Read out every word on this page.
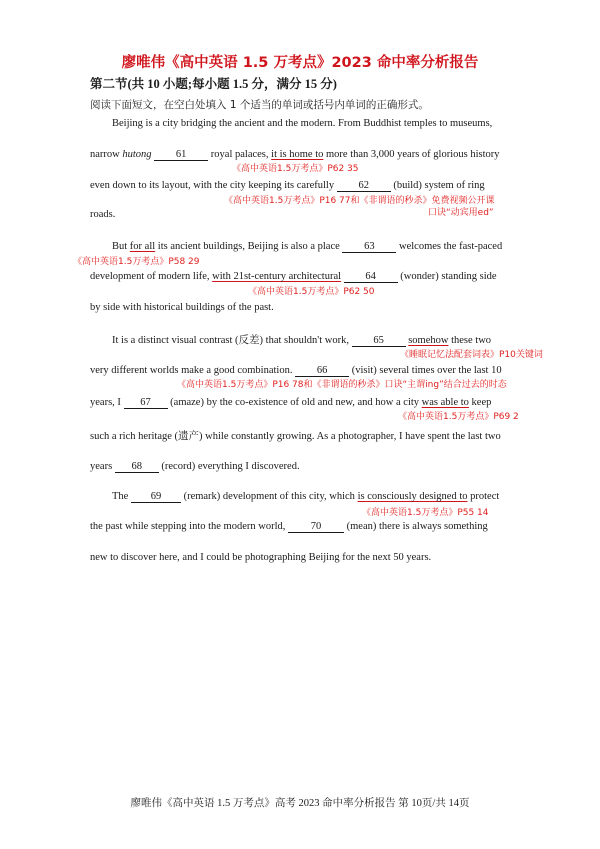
廖唯伟《高中英语 1.5 万考点》2023 命中率分析报告
第二节(共 10 小题;每小题 1.5 分，满分 15 分)
阅读下面短文，在空白处填入 1 个适当的单词或括号内单词的正确形式。
Beijing is a city bridging the ancient and the modern. From Buddhist temples to museums,
narrow hutong 61 royal palaces, it is home to more than 3,000 years of glorious history
《高中英语1.5万考点》P62 35
even down to its layout, with the city keeping its carefully 62 (build) system of ring
《高中英语1.5万考点》P16 77和《非谓语的秒杀》免费视频公开课
口诀“动宾用ed”
roads.
But for all its ancient buildings, Beijing is also a place 63 welcomes the fast-paced
《高中英语1.5万考点》P58 29
development of modern life, with 21st-century architectural 64 (wonder) standing side
《高中英语1.5万考点》P62 50
by side with historical buildings of the past.
It is a distinct visual contrast (反差) that shouldn't work, 65 somehow these two
《睡眠记忆法配套词表》P10关键词
very different worlds make a good combination. 66 (visit) several times over the last 10
《高中英语1.5万考点》P16 78和《非谓语的秒杀》口诀“主谓ing”结合过去的时态
years, I 67 (amaze) by the co-existence of old and new, and how a city was able to keep
《高中英语1.5万考点》P69 2
such a rich heritage (遗产) while constantly growing. As a photographer, I have spent the last two
years 68 (record) everything I discovered.
The 69 (remark) development of this city, which is consciously designed to protect
《高中英语1.5万考点》P55 14
the past while stepping into the modern world, 70 (mean) there is always something
new to discover here, and I could be photographing Beijing for the next 50 years.
廖唯伟《高中英语 1.5 万考点》高考 2023 命中率分析报告 第 10页/共 14页
